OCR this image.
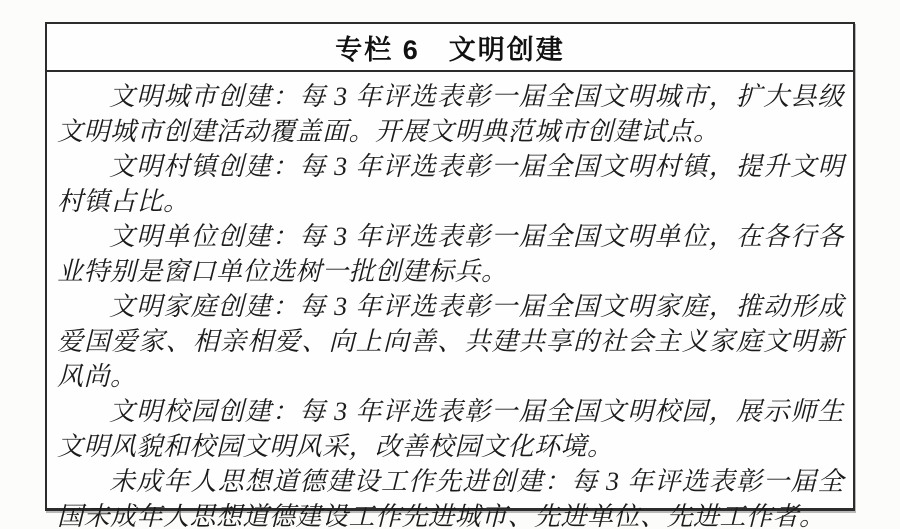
专栏 6　文明创建

文明城市创建：每 3 年评选表彰一届全国文明城市，扩大县级文明城市创建活动覆盖面。开展文明典范城市创建试点。

文明村镇创建：每 3 年评选表彰一届全国文明村镇，提升文明村镇占比。

文明单位创建：每 3 年评选表彰一届全国文明单位，在各行各业特别是窗口单位选树一批创建标兵。

文明家庭创建：每 3 年评选表彰一届全国文明家庭，推动形成爱国爱家、相亲相爱、向上向善、共建共享的社会主义家庭文明新风尚。

文明校园创建：每 3 年评选表彰一届全国文明校园，展示师生文明风貌和校园文明风采，改善校园文化环境。

未成年人思想道德建设工作先进创建：每 3 年评选表彰一届全国未成年人思想道德建设工作先进城市、先进单位、先进工作者。
